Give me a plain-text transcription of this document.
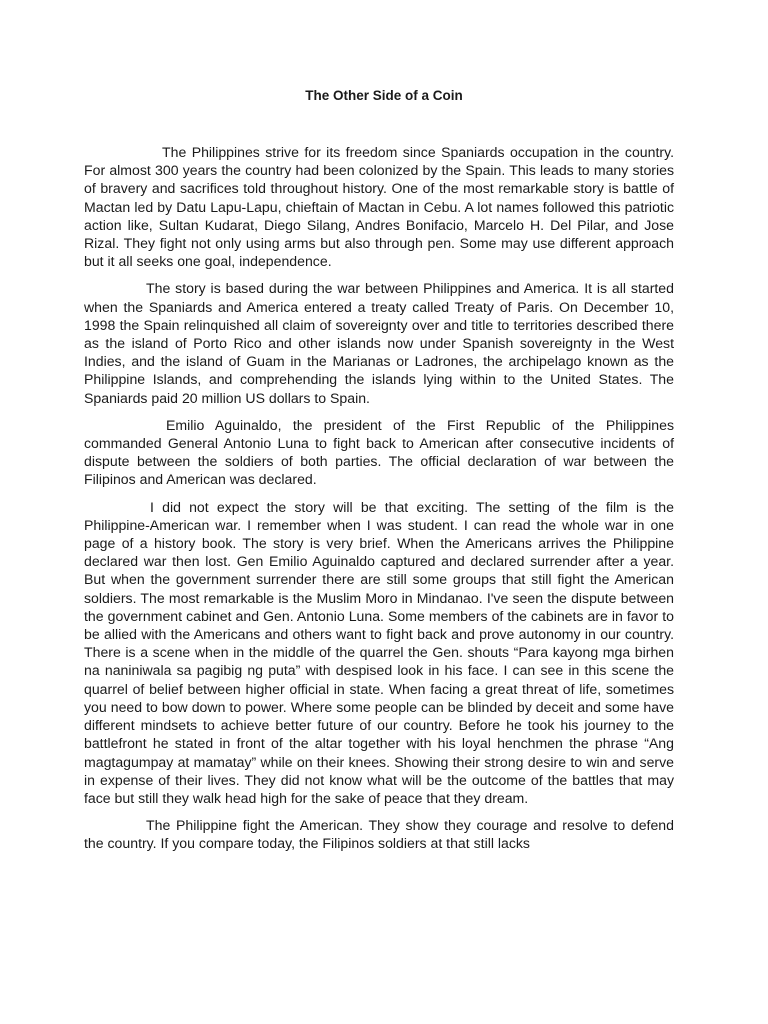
The Other Side of a Coin

The Philippines strive for its freedom since Spaniards occupation in the country. For almost 300 years the country had been colonized by the Spain. This leads to many stories of bravery and sacrifices told throughout history. One of the most remarkable story is battle of Mactan led by Datu Lapu-Lapu, chieftain of Mactan in Cebu. A lot names followed this patriotic action like, Sultan Kudarat, Diego Silang, Andres Bonifacio, Marcelo H. Del Pilar, and Jose Rizal. They fight not only using arms but also through pen. Some may use different approach but it all seeks one goal, independence.

The story is based during the war between Philippines and America. It is all started when the Spaniards and America entered a treaty called Treaty of Paris. On December 10, 1998 the Spain relinquished all claim of sovereignty over and title to territories described there as the island of Porto Rico and other islands now under Spanish sovereignty in the West Indies, and the island of Guam in the Marianas or Ladrones, the archipelago known as the Philippine Islands, and comprehending the islands lying within to the United States. The Spaniards paid 20 million US dollars to Spain.

Emilio Aguinaldo, the president of the First Republic of the Philippines commanded General Antonio Luna to fight back to American after consecutive incidents of dispute between the soldiers of both parties. The official declaration of war between the Filipinos and American was declared.

I did not expect the story will be that exciting. The setting of the film is the Philippine-American war. I remember when I was student. I can read the whole war in one page of a history book. The story is very brief. When the Americans arrives the Philippine declared war then lost. Gen Emilio Aguinaldo captured and declared surrender after a year. But when the government surrender there are still some groups that still fight the American soldiers. The most remarkable is the Muslim Moro in Mindanao. I've seen the dispute between the government cabinet and Gen. Antonio Luna. Some members of the cabinets are in favor to be allied with the Americans and others want to fight back and prove autonomy in our country. There is a scene when in the middle of the quarrel the Gen. shouts “Para kayong mga birhen na naniniwala sa pagibig ng puta” with despised look in his face. I can see in this scene the quarrel of belief between higher official in state. When facing a great threat of life, sometimes you need to bow down to power. Where some people can be blinded by deceit and some have different mindsets to achieve better future of our country. Before he took his journey to the battlefront he stated in front of the altar together with his loyal henchmen the phrase “Ang magtagumpay at mamatay” while on their knees. Showing their strong desire to win and serve in expense of their lives. They did not know what will be the outcome of the battles that may face but still they walk head high for the sake of peace that they dream.

The Philippine fight the American. They show they courage and resolve to defend the country. If you compare today, the Filipinos soldiers at that still lacks
